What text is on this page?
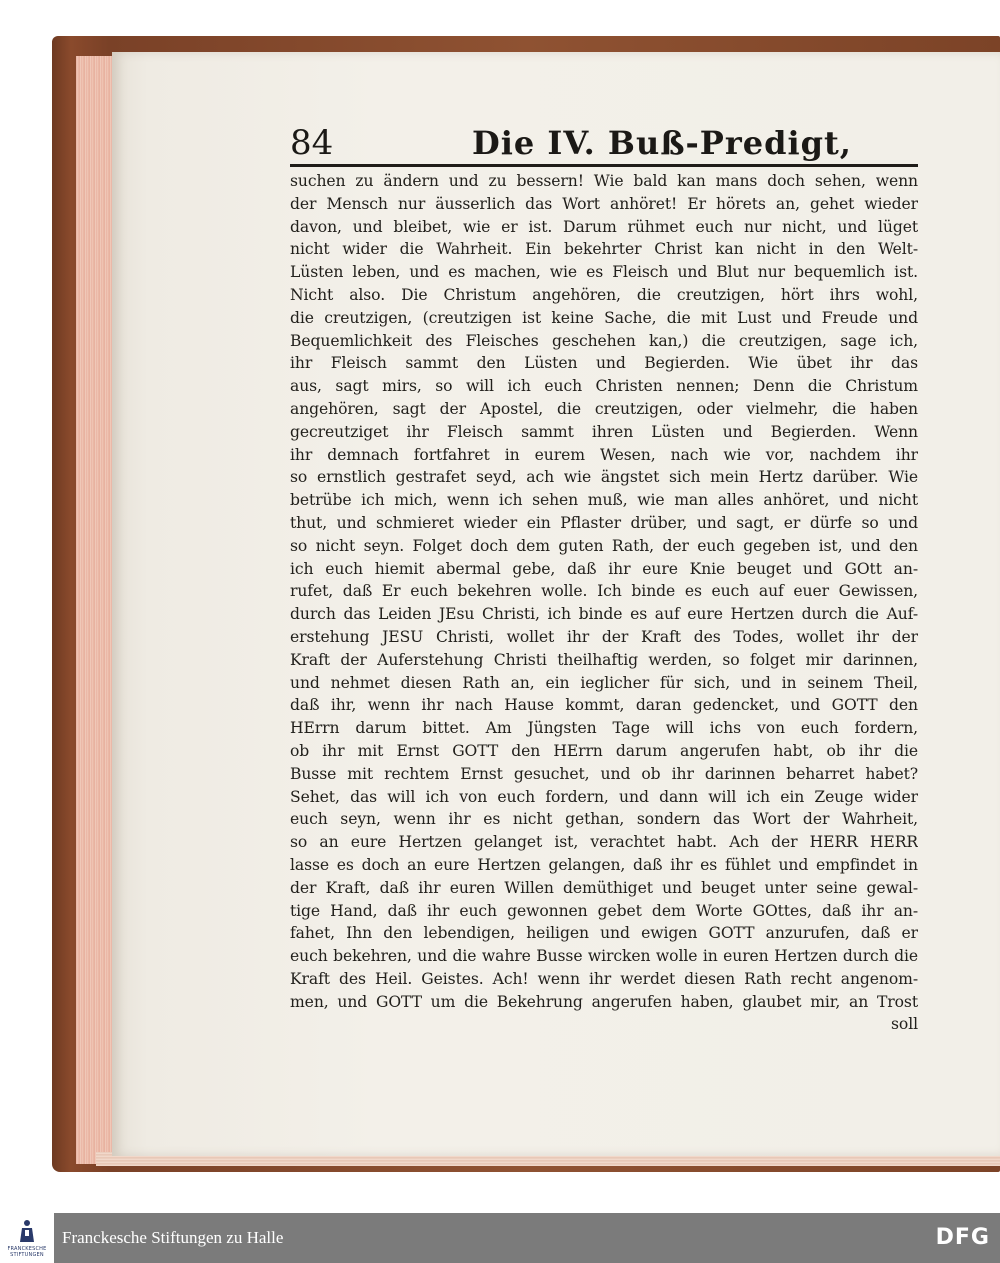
84	Die IV. Buß-Predigt,
suchen zu ändern und zu bessern! Wie bald kan mans doch sehen, wenn
der Mensch nur äusserlich das Wort anhöret! Er hörets an, gehet wieder
davon, und bleibet, wie er ist. Darum rühmet euch nur nicht, und lüget
nicht wider die Wahrheit. Ein bekehrter Christ kan nicht in den Welt-
Lüsten leben, und es machen, wie es Fleisch und Blut nur bequemlich ist.
Nicht also. Die Christum angehören, die creutzigen, hört ihrs wohl,
die creutzigen, (creutzigen ist keine Sache, die mit Lust und Freude und
Bequemlichkeit des Fleisches geschehen kan,) die creutzigen, sage ich,
ihr Fleisch sammt den Lüsten und Begierden. Wie übet ihr das
aus, sagt mirs, so will ich euch Christen nennen; Denn die Christum
angehören, sagt der Apostel, die creutzigen, oder vielmehr, die haben
gecreutziget ihr Fleisch sammt ihren Lüsten und Begierden. Wenn
ihr demnach fortfahret in eurem Wesen, nach wie vor, nachdem ihr
so ernstlich gestrafet seyd, ach wie ängstet sich mein Hertz darüber. Wie
betrübe ich mich, wenn ich sehen muß, wie man alles anhöret, und nicht
thut, und schmieret wieder ein Pflaster drüber, und sagt, er dürfe so und
so nicht seyn. Folget doch dem guten Rath, der euch gegeben ist, und den
ich euch hiemit abermal gebe, daß ihr eure Knie beuget und GOtt an-
rufet, daß Er euch bekehren wolle. Ich binde es euch auf euer Gewissen,
durch das Leiden JEsu Christi, ich binde es auf eure Hertzen durch die Auf-
erstehung JESU Christi, wollet ihr der Kraft des Todes, wollet ihr der
Kraft der Auferstehung Christi theilhaftig werden, so folget mir darinnen,
und nehmet diesen Rath an, ein ieglicher für sich, und in seinem Theil,
daß ihr, wenn ihr nach Hause kommt, daran gedencket, und GOTT den
HErrn darum bittet. Am Jüngsten Tage will ichs von euch fordern,
ob ihr mit Ernst GOTT den HErrn darum angerufen habt, ob ihr die
Busse mit rechtem Ernst gesuchet, und ob ihr darinnen beharret habet?
Sehet, das will ich von euch fordern, und dann will ich ein Zeuge wider
euch seyn, wenn ihr es nicht gethan, sondern das Wort der Wahrheit,
so an eure Hertzen gelanget ist, verachtet habt. Ach der HERR HERR
lasse es doch an eure Hertzen gelangen, daß ihr es fühlet und empfindet in
der Kraft, daß ihr euren Willen demüthiget und beuget unter seine gewal-
tige Hand, daß ihr euch gewonnen gebet dem Worte GOttes, daß ihr an-
fahet, Ihn den lebendigen, heiligen und ewigen GOTT anzurufen, daß er
euch bekehren, und die wahre Busse wircken wolle in euren Hertzen durch die
Kraft des Heil. Geistes. Ach! wenn ihr werdet diesen Rath recht angenom-
men, und GOTT um die Bekehrung angerufen haben, glaubet mir, an Trost
soll
FRANCKESCHE
STIFTUNGEN
Franckesche Stiftungen zu Halle	DFG
